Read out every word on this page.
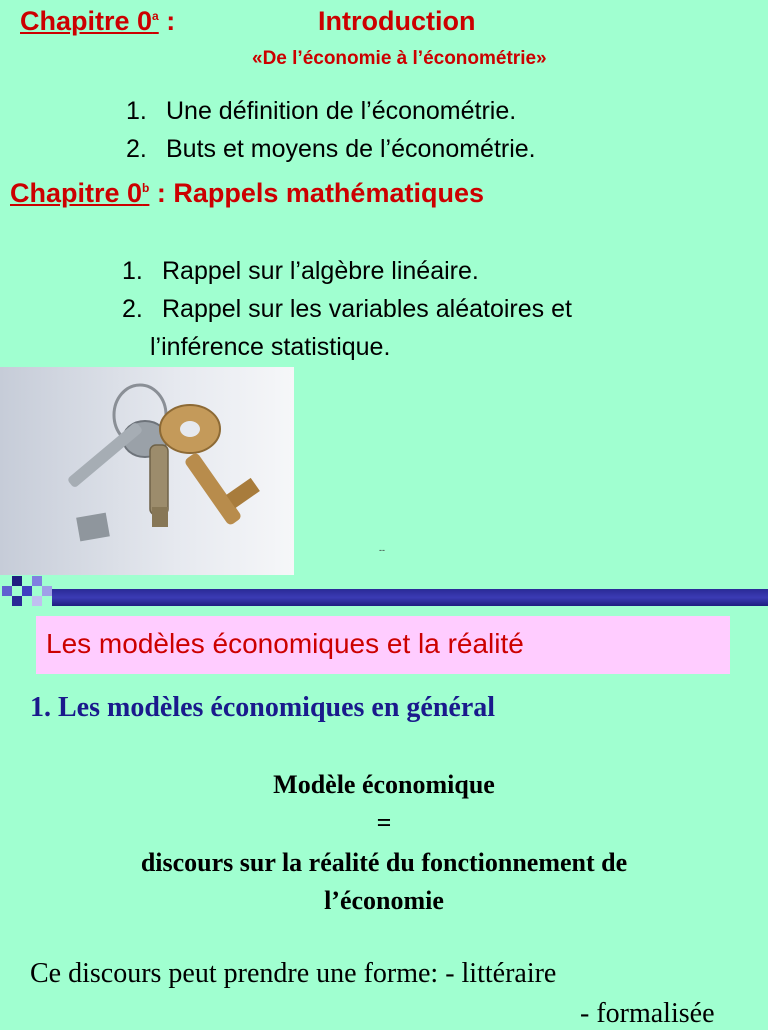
Chapitre 0$^a$ :	Introduction
«De l’économie à l’économétrie»
1. Une définition de l’économétrie.
2. Buts et moyens de l’économétrie.
Chapitre 0$^b$ : Rappels mathématiques
1. Rappel sur l’algèbre linéaire.
2. Rappel sur les variables aléatoires et
l’inférence statistique.
--
Les modèles économiques et la réalité
1. Les modèles économiques en général
Modèle économique
=
discours sur la réalité du fonctionnement de
l’économie
Ce discours peut prendre une forme: - littéraire
- formalisée
